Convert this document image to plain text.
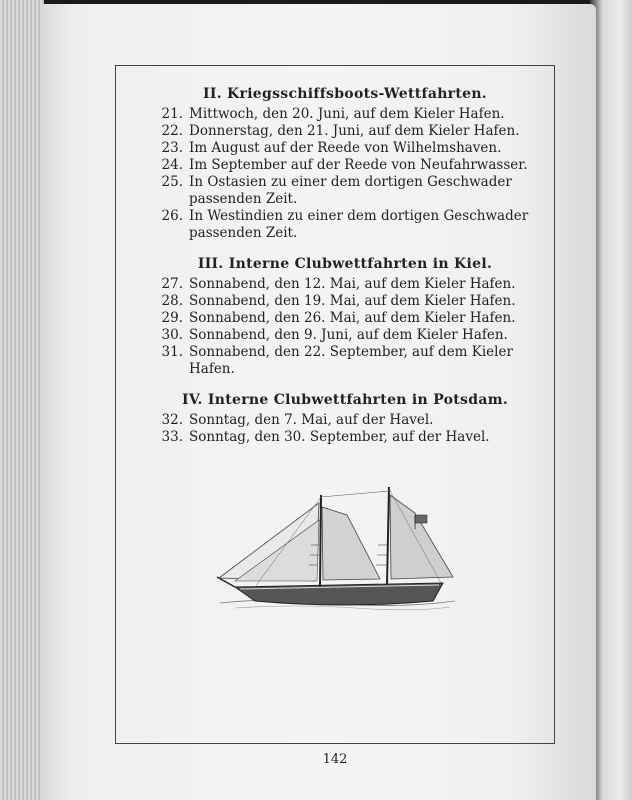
II. Kriegsschiffsboots-Wettfahrten.
21. Mittwoch, den 20. Juni, auf dem Kieler Hafen.
22. Donnerstag, den 21. Juni, auf dem Kieler Hafen.
23. Im August auf der Reede von Wilhelmshaven.
24. Im September auf der Reede von Neufahrwasser.
25. In Ostasien zu einer dem dortigen Geschwader passenden Zeit.
26. In Westindien zu einer dem dortigen Geschwader passenden Zeit.
III. Interne Clubwettfahrten in Kiel.
27. Sonnabend, den 12. Mai, auf dem Kieler Hafen.
28. Sonnabend, den 19. Mai, auf dem Kieler Hafen.
29. Sonnabend, den 26. Mai, auf dem Kieler Hafen.
30. Sonnabend, den 9. Juni, auf dem Kieler Hafen.
31. Sonnabend, den 22. September, auf dem Kieler Hafen.
IV. Interne Clubwettfahrten in Potsdam.
32. Sonntag, den 7. Mai, auf der Havel.
33. Sonntag, den 30. September, auf der Havel.
142
